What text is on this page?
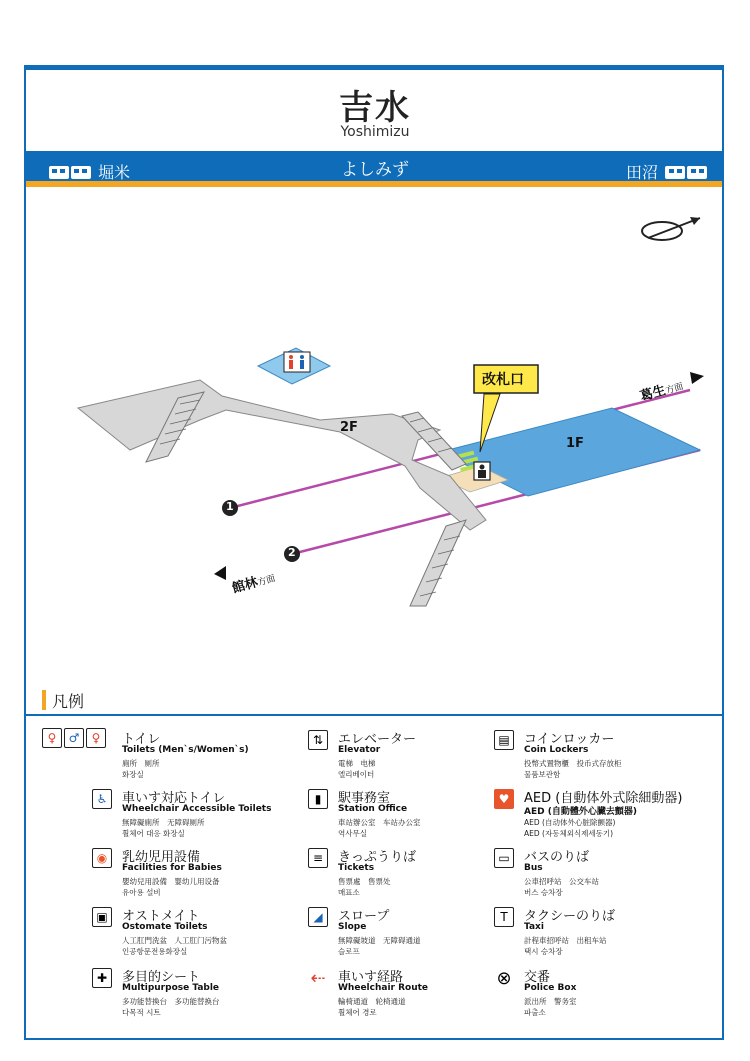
吉水
Yoshimizu
よしみず
堀米	田沼
2F
1F
改札口
1
2
葛生方面
館林方面
凡例
♀	♂	♀	トイレ
Toilets (Men`s/Women`s)
廁所　厕所
화장실
♿	車いす対応トイレ
Wheelchair Accessible Toilets
無障礙廁所　无障碍厕所
휠체어 대응 화장실
◉	乳幼児用設備
Facilities for Babies
嬰幼兒用設備　婴幼儿用设备
유아용 설비
▣	オストメイト
Ostomate Toilets
人工肛門洗盆　人工肛门污物盆
인공항문전용화장실
✚	多目的シート
Multipurpose Table
多功能替換台　多功能替换台
다목적 시트
⇅	エレベーター
Elevator
電梯　电梯
엘리베이터
▮	駅事務室
Station Office
車站辦公室　车站办公室
역사무실
≡	きっぷうりば
Tickets
售票處　售票处
매표소
◢	スロープ
Slope
無障礙坡道　无障碍通道
슬로프
⇠ 車いす経路
Wheelchair Route
輪椅通道　轮椅通道
휠체어 경로
▤	コインロッカー
Coin Lockers
投幣式置物櫃　投币式存放柜
물품보관함
♥	AED (自動体外式除細動器)
AED (自動體外心臟去顫器)
AED (自动体外心脏除颤器)
AED (자동체외식제세동기)
▭	バスのりば
Bus
公車招呼站　公交车站
버스 승차장
T	タクシーのりば
Taxi
計程車招呼站　出租车站
택시 승차장
⊗ 交番
Police Box
派出所　警务室
파출소
